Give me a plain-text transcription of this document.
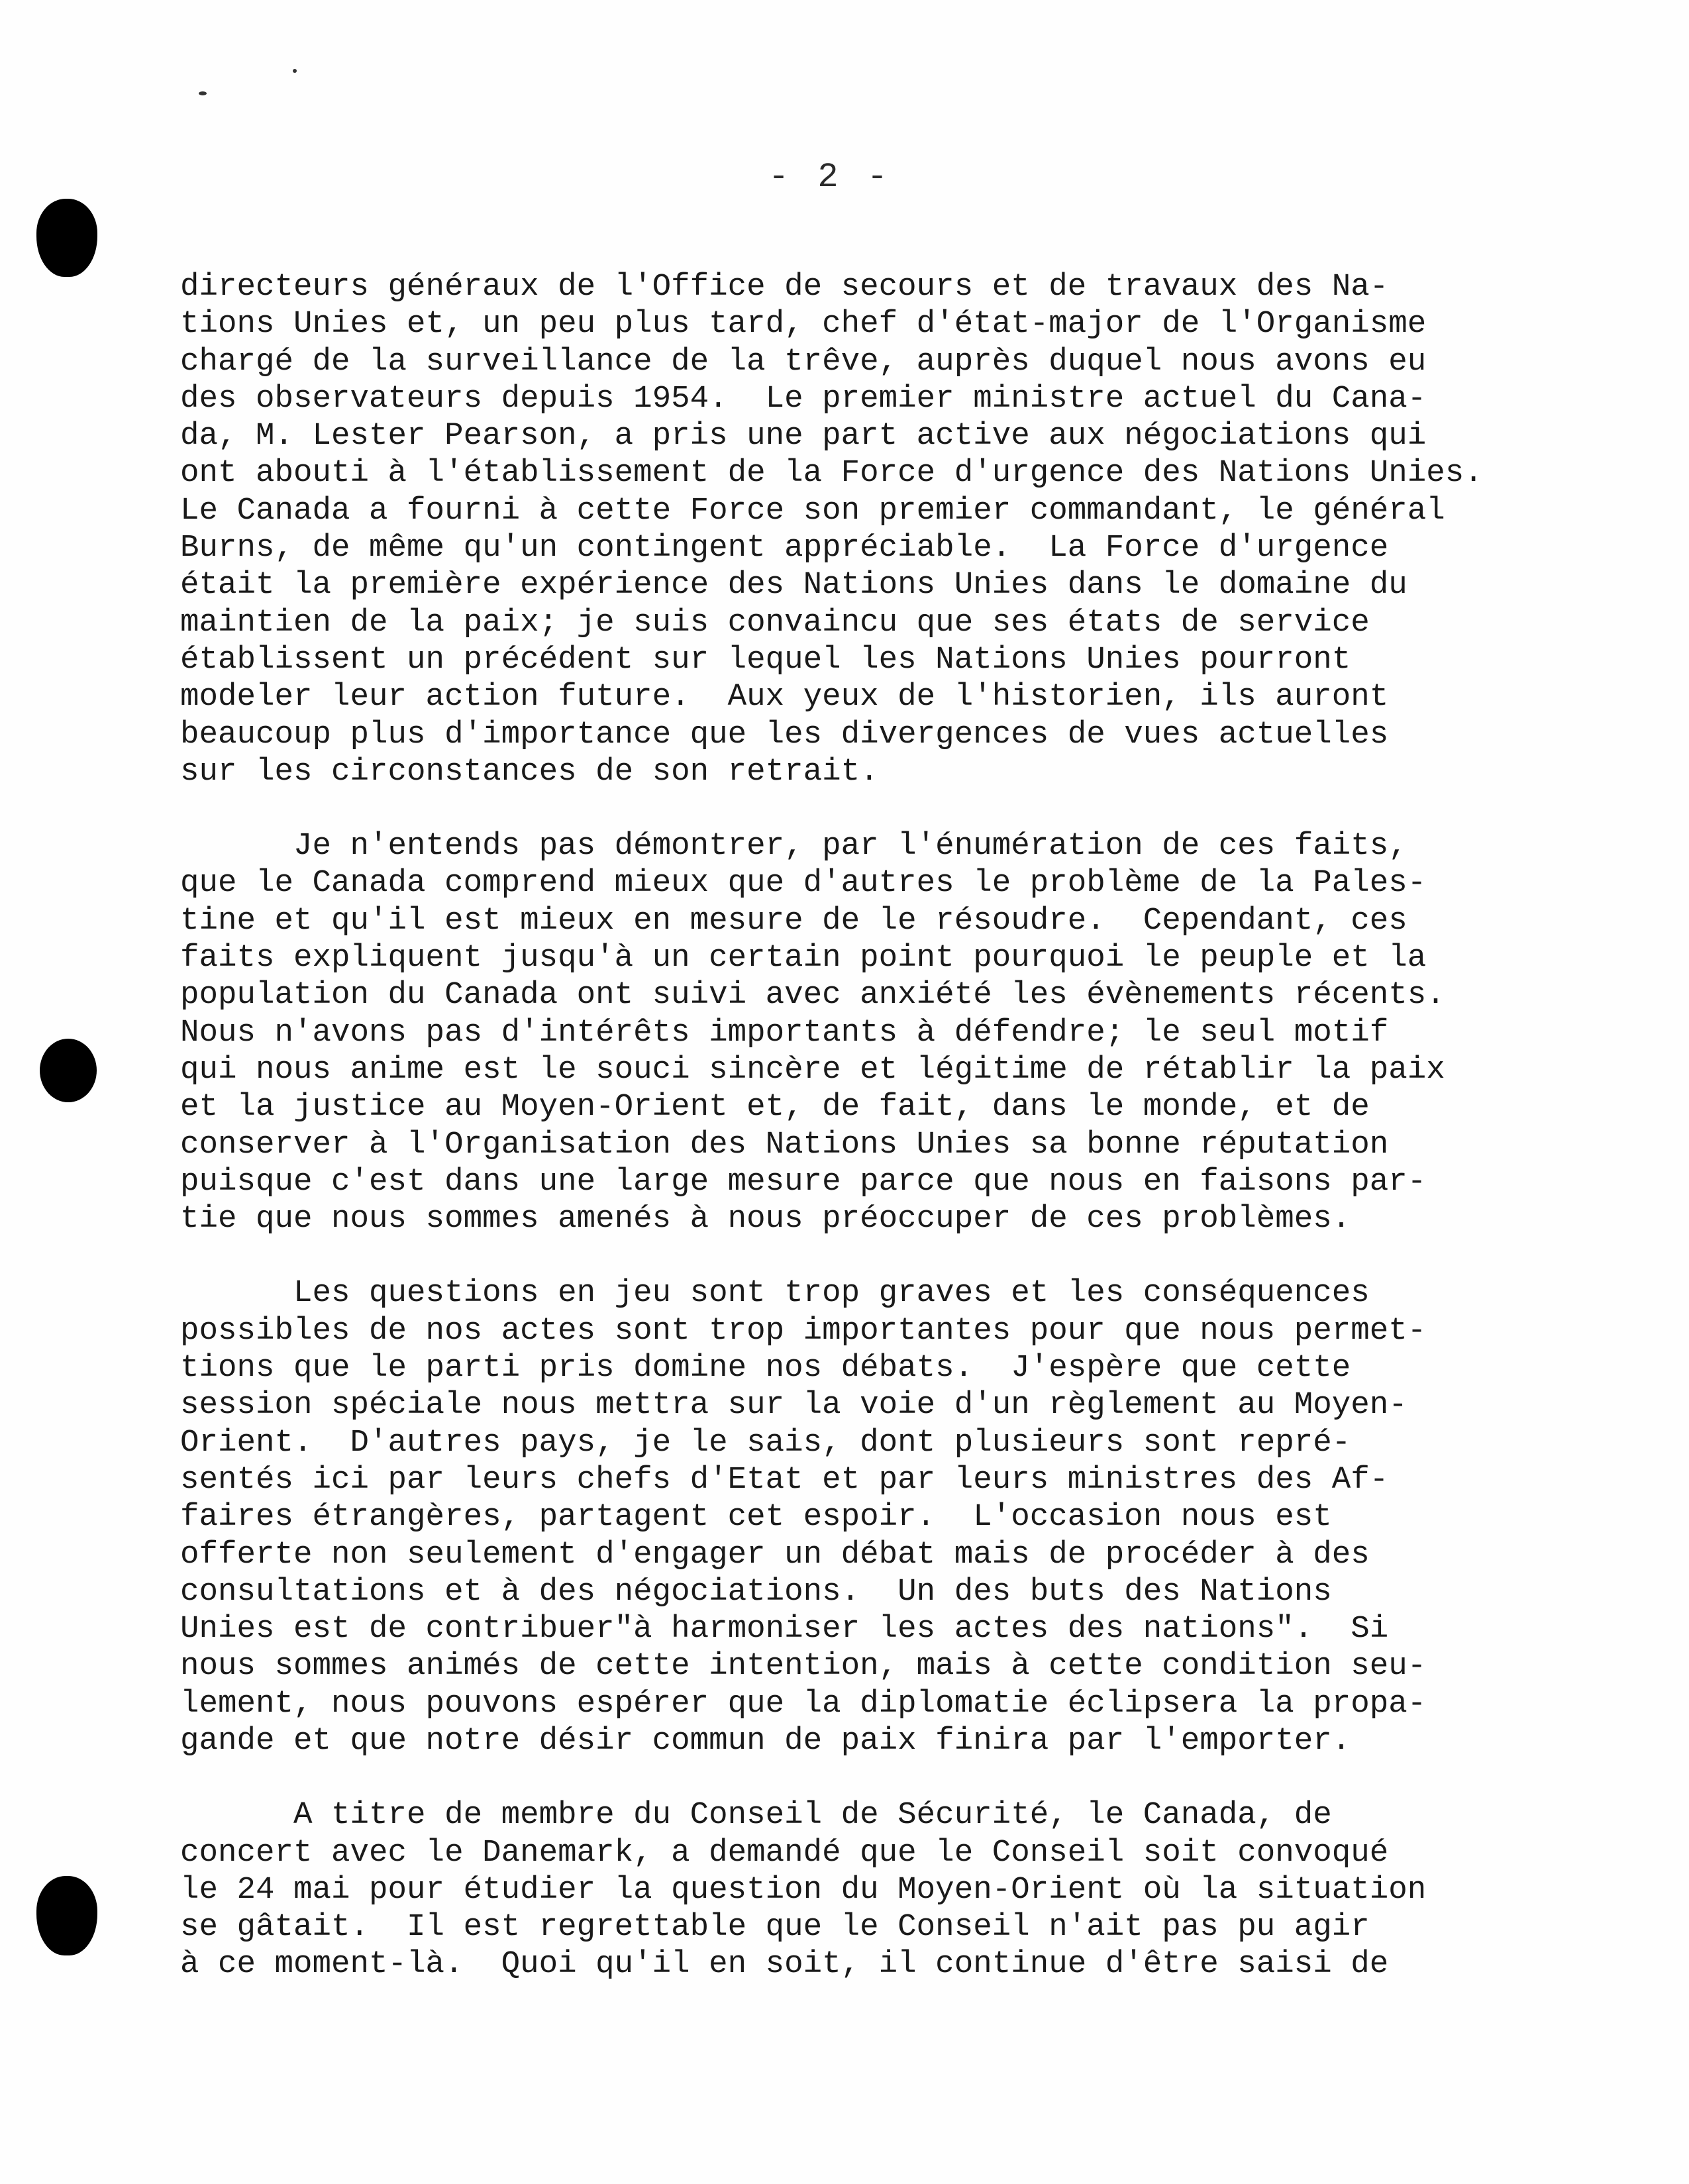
- 2 -
directeurs généraux de l'Office de secours et de travaux des Na-
tions Unies et, un peu plus tard, chef d'état-major de l'Organisme
chargé de la surveillance de la trêve, auprès duquel nous avons eu
des observateurs depuis 1954.  Le premier ministre actuel du Cana-
da, M. Lester Pearson, a pris une part active aux négociations qui
ont abouti à l'établissement de la Force d'urgence des Nations Unies.
Le Canada a fourni à cette Force son premier commandant, le général
Burns, de même qu'un contingent appréciable.  La Force d'urgence
était la première expérience des Nations Unies dans le domaine du
maintien de la paix; je suis convaincu que ses états de service
établissent un précédent sur lequel les Nations Unies pourront
modeler leur action future.  Aux yeux de l'historien, ils auront
beaucoup plus d'importance que les divergences de vues actuelles
sur les circonstances de son retrait.
Je n'entends pas démontrer, par l'énumération de ces faits,
que le Canada comprend mieux que d'autres le problème de la Pales-
tine et qu'il est mieux en mesure de le résoudre.  Cependant, ces
faits expliquent jusqu'à un certain point pourquoi le peuple et la
population du Canada ont suivi avec anxiété les évènements récents.
Nous n'avons pas d'intérêts importants à défendre; le seul motif
qui nous anime est le souci sincère et légitime de rétablir la paix
et la justice au Moyen-Orient et, de fait, dans le monde, et de
conserver à l'Organisation des Nations Unies sa bonne réputation
puisque c'est dans une large mesure parce que nous en faisons par-
tie que nous sommes amenés à nous préoccuper de ces problèmes.
Les questions en jeu sont trop graves et les conséquences
possibles de nos actes sont trop importantes pour que nous permet-
tions que le parti pris domine nos débats.  J'espère que cette
session spéciale nous mettra sur la voie d'un règlement au Moyen-
Orient.  D'autres pays, je le sais, dont plusieurs sont repré-
sentés ici par leurs chefs d'Etat et par leurs ministres des Af-
faires étrangères, partagent cet espoir.  L'occasion nous est
offerte non seulement d'engager un débat mais de procéder à des
consultations et à des négociations.  Un des buts des Nations
Unies est de contribuer"à harmoniser les actes des nations".  Si
nous sommes animés de cette intention, mais à cette condition seu-
lement, nous pouvons espérer que la diplomatie éclipsera la propa-
gande et que notre désir commun de paix finira par l'emporter.
A titre de membre du Conseil de Sécurité, le Canada, de
concert avec le Danemark, a demandé que le Conseil soit convoqué
le 24 mai pour étudier la question du Moyen-Orient où la situation
se gâtait.  Il est regrettable que le Conseil n'ait pas pu agir
à ce moment-là.  Quoi qu'il en soit, il continue d'être saisi de
